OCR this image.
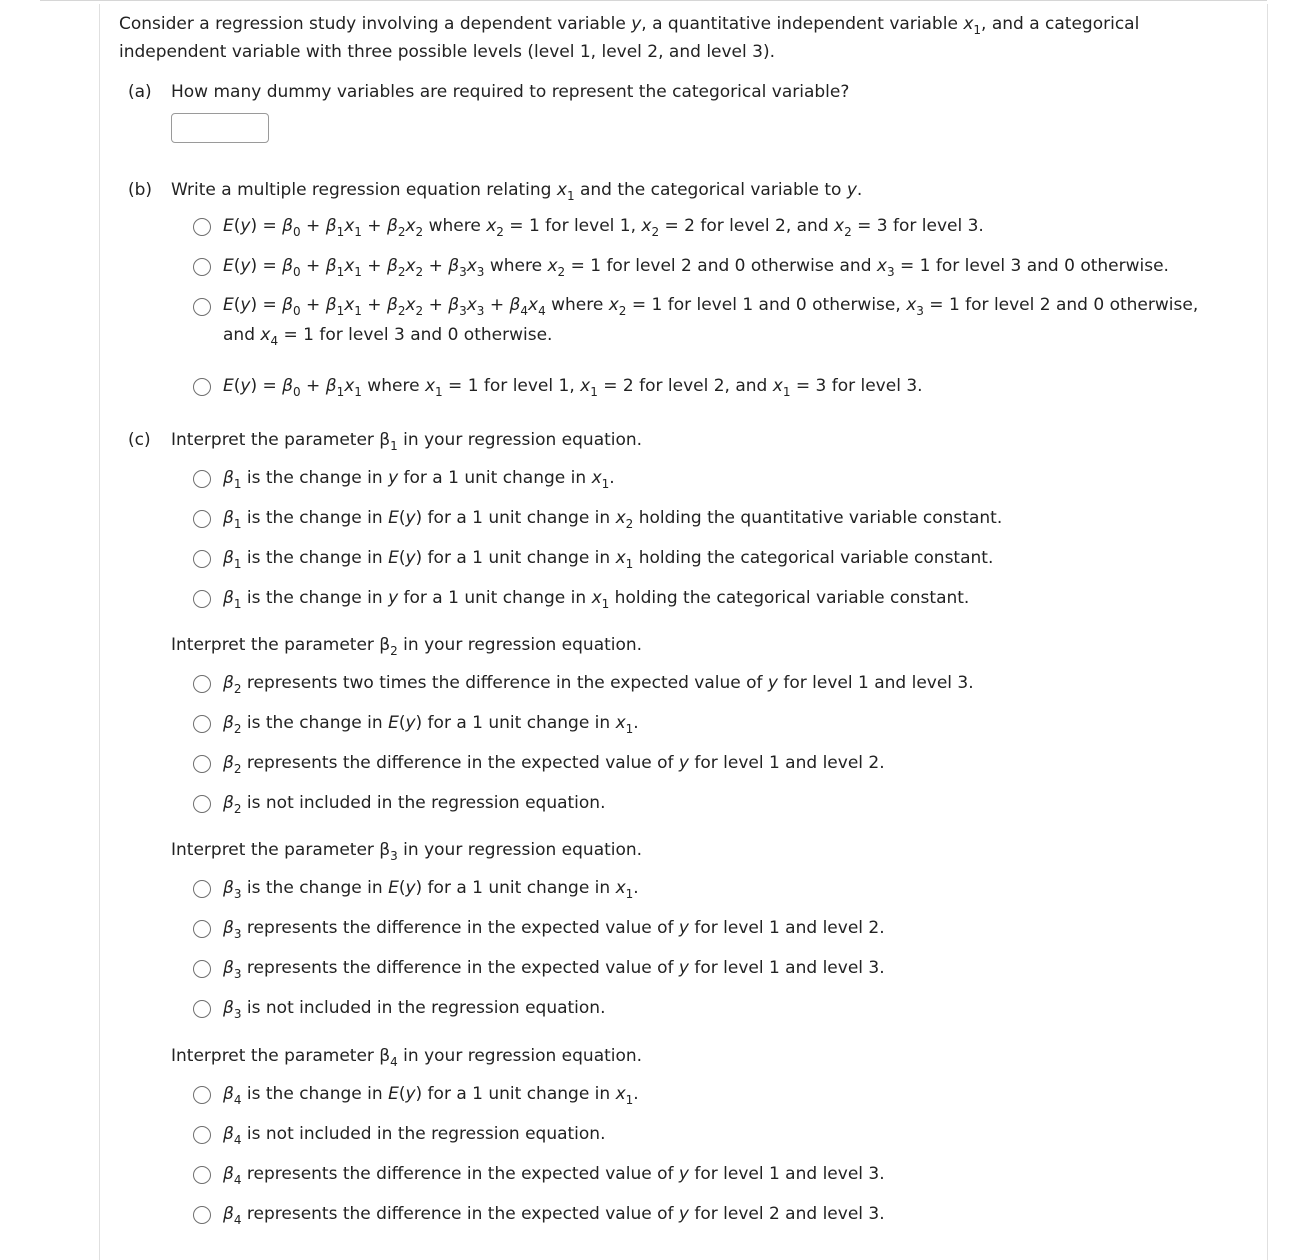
Consider a regression study involving a dependent variable y, a quantitative independent variable $x_1$, and a categorical
independent variable with three possible levels (level 1, level 2, and level 3).

(a) How many dummy variables are required to represent the categorical variable?
(b) Write a multiple regression equation relating $x_1$ and the categorical variable to y.
$E(y) = \beta_0 + \beta_1x_1 + \beta_2x_2$ where $x_2 = 1$ for level 1, $x_2 = 2$ for level 2, and $x_2 = 3$ for level 3.
$E(y) = \beta_0 + \beta_1x_1 + \beta_2x_2 + \beta_3x_3$ where $x_2 = 1$ for level 2 and 0 otherwise and $x_3 = 1$ for level 3 and 0 otherwise.
$E(y) = \beta_0 + \beta_1x_1 + \beta_2x_2 + \beta_3x_3 + \beta_4x_4$ where $x_2 = 1$ for level 1 and 0 otherwise, $x_3 = 1$ for level 2 and 0 otherwise,
and $x_4 = 1$ for level 3 and 0 otherwise.
$E(y) = \beta_0 + \beta_1x_1$ where $x_1 = 1$ for level 1, $x_1 = 2$ for level 2, and $x_1 = 3$ for level 3.
(c) Interpret the parameter $\beta_1$ in your regression equation.
$\beta_1$ is the change in y for a 1 unit change in $x_1$.
$\beta_1$ is the change in E(y) for a 1 unit change in $x_2$ holding the quantitative variable constant.
$\beta_1$ is the change in E(y) for a 1 unit change in $x_1$ holding the categorical variable constant.
$\beta_1$ is the change in y for a 1 unit change in $x_1$ holding the categorical variable constant.
Interpret the parameter $\beta_2$ in your regression equation.
$\beta_2$ represents two times the difference in the expected value of y for level 1 and level 3.
$\beta_2$ is the change in E(y) for a 1 unit change in $x_1$.
$\beta_2$ represents the difference in the expected value of y for level 1 and level 2.
$\beta_2$ is not included in the regression equation.
Interpret the parameter $\beta_3$ in your regression equation.
$\beta_3$ is the change in E(y) for a 1 unit change in $x_1$.
$\beta_3$ represents the difference in the expected value of y for level 1 and level 2.
$\beta_3$ represents the difference in the expected value of y for level 1 and level 3.
$\beta_3$ is not included in the regression equation.
Interpret the parameter $\beta_4$ in your regression equation.
$\beta_4$ is the change in E(y) for a 1 unit change in $x_1$.
$\beta_4$ is not included in the regression equation.
$\beta_4$ represents the difference in the expected value of y for level 1 and level 3.
$\beta_4$ represents the difference in the expected value of y for level 2 and level 3.
